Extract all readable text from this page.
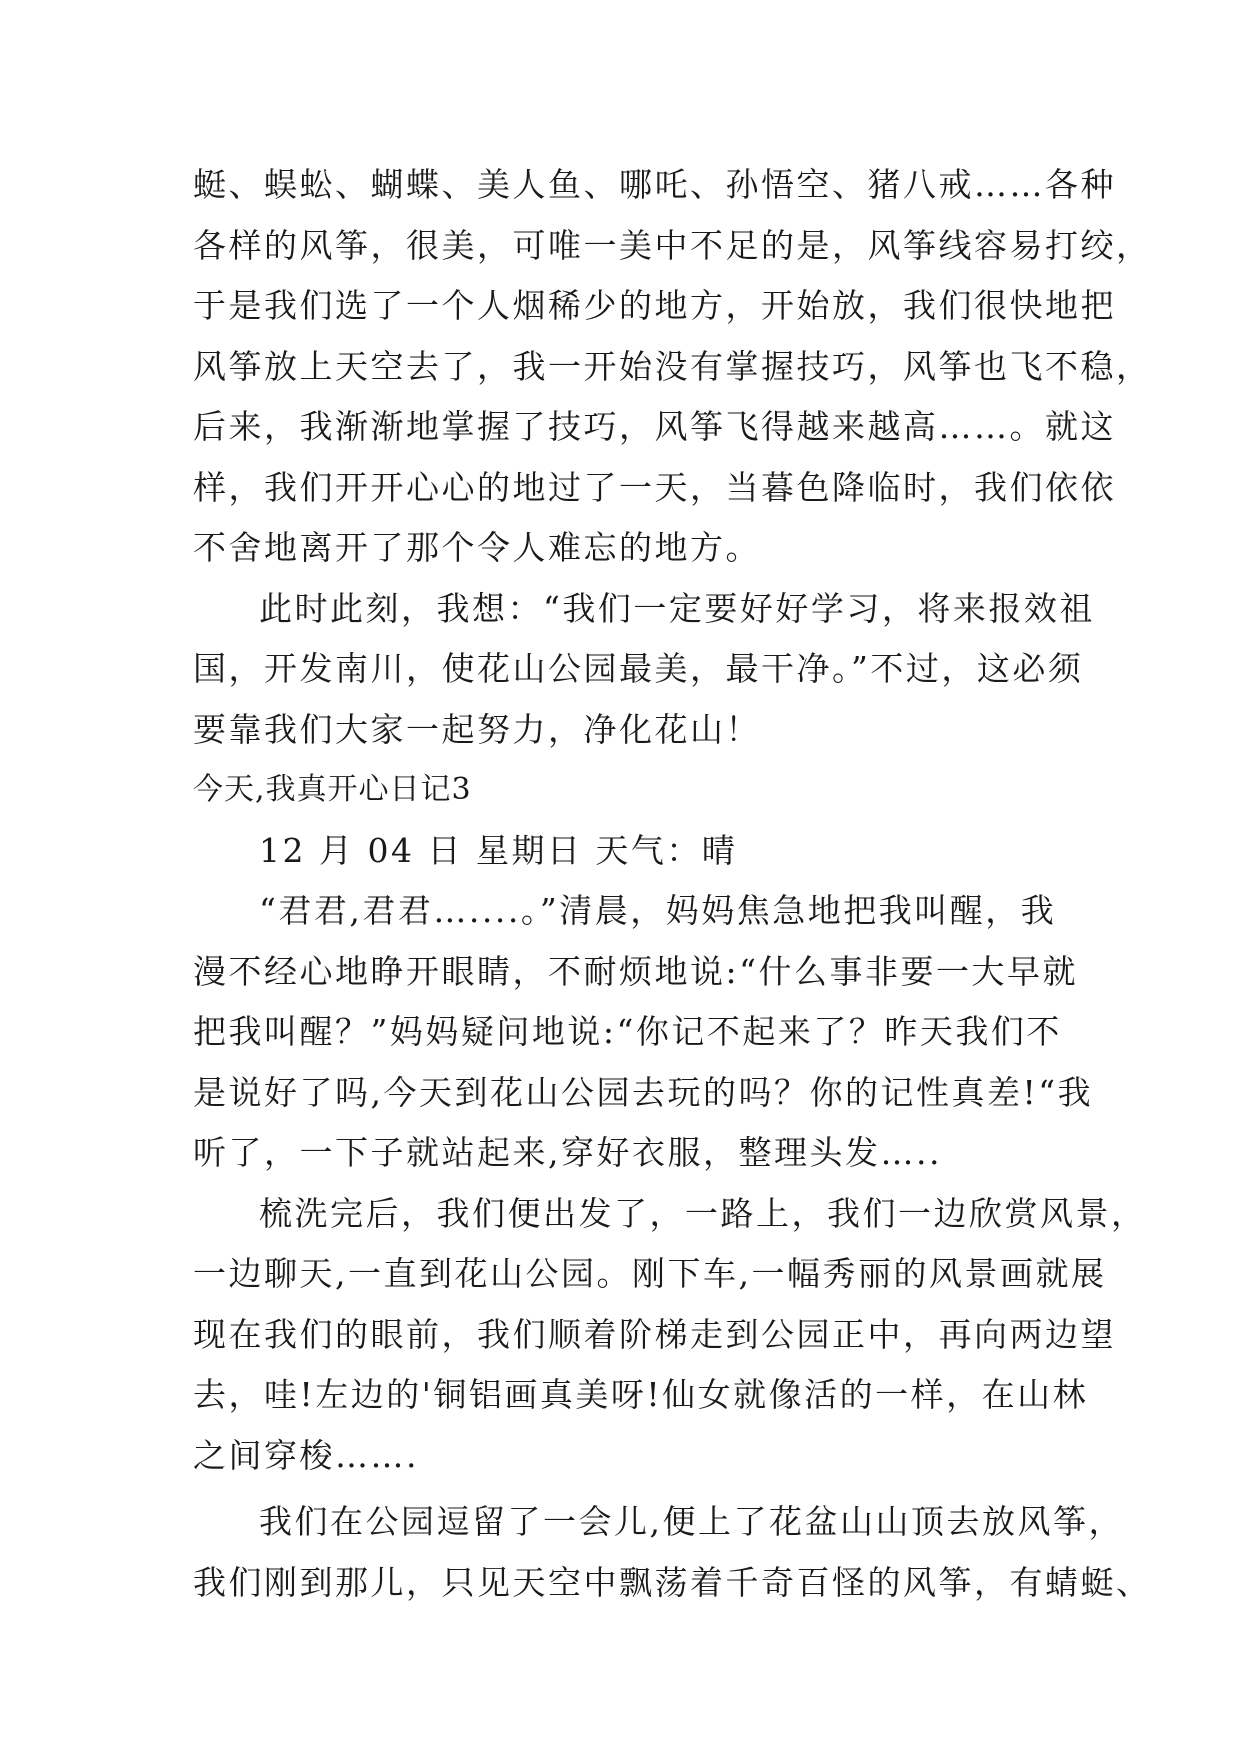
蜓、蜈蚣、蝴蝶、美人鱼、哪吒、孙悟空、猪八戒……各种
各样的风筝，很美，可唯一美中不足的是，风筝线容易打绞，
于是我们选了一个人烟稀少的地方，开始放，我们很快地把
风筝放上天空去了，我一开始没有掌握技巧，风筝也飞不稳，
后来，我渐渐地掌握了技巧，风筝飞得越来越高……。就这
样，我们开开心心的地过了一天，当暮色降临时，我们依依
不舍地离开了那个令人难忘的地方。
此时此刻，我想：“我们一定要好好学习，将来报效祖
国，开发南川，使花山公园最美，最干净。”不过，这必须
要靠我们大家一起努力，净化花山！
今天,我真开心日记3
12 月 04 日 星期日 天气：晴
“君君,君君…....。”清晨，妈妈焦急地把我叫醒，我
漫不经心地睁开眼睛，不耐烦地说:“什么事非要一大早就
把我叫醒？”妈妈疑问地说:“你记不起来了？昨天我们不
是说好了吗,今天到花山公园去玩的吗？你的记性真差!“我
听了，一下子就站起来,穿好衣服，整理头发…..
梳洗完后，我们便出发了，一路上，我们一边欣赏风景，
一边聊天,一直到花山公园。刚下车,一幅秀丽的风景画就展
现在我们的眼前，我们顺着阶梯走到公园正中，再向两边望
去，哇!左边的'铜铝画真美呀!仙女就像活的一样，在山林
之间穿梭…….
我们在公园逗留了一会儿,便上了花盆山山顶去放风筝，
我们刚到那儿，只见天空中飘荡着千奇百怪的风筝，有蜻蜓、
